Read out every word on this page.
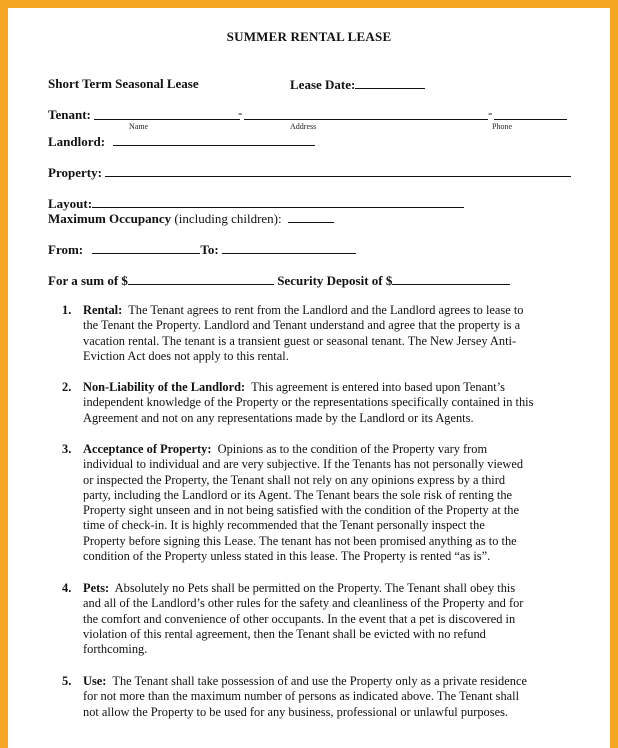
SUMMER RENTAL LEASE
Short Term Seasonal Lease	Lease Date:
Tenant:	-	-
Name	Address	Phone
Landlord:
Property:
Layout:
Maximum Occupancy (including children):
From:	To:
For a sum of $	Security Deposit of $
1. Rental: The Tenant agrees to rent from the Landlord and the Landlord agrees to lease to
the Tenant the Property. Landlord and Tenant understand and agree that the property is a
vacation rental. The tenant is a transient guest or seasonal tenant. The New Jersey Anti-
Eviction Act does not apply to this rental.
2. Non-Liability of the Landlord: This agreement is entered into based upon Tenant’s
independent knowledge of the Property or the representations specifically contained in this
Agreement and not on any representations made by the Landlord or its Agents.
3. Acceptance of Property: Opinions as to the condition of the Property vary from
individual to individual and are very subjective. If the Tenants has not personally viewed
or inspected the Property, the Tenant shall not rely on any opinions express by a third
party, including the Landlord or its Agent. The Tenant bears the sole risk of renting the
Property sight unseen and in not being satisfied with the condition of the Property at the
time of check-in. It is highly recommended that the Tenant personally inspect the
Property before signing this Lease. The tenant has not been promised anything as to the
condition of the Property unless stated in this lease. The Property is rented “as is”.
4. Pets: Absolutely no Pets shall be permitted on the Property. The Tenant shall obey this
and all of the Landlord’s other rules for the safety and cleanliness of the Property and for
the comfort and convenience of other occupants. In the event that a pet is discovered in
violation of this rental agreement, then the Tenant shall be evicted with no refund
forthcoming.
5. Use: The Tenant shall take possession of and use the Property only as a private residence
for not more than the maximum number of persons as indicated above. The Tenant shall
not allow the Property to be used for any business, professional or unlawful purposes.
